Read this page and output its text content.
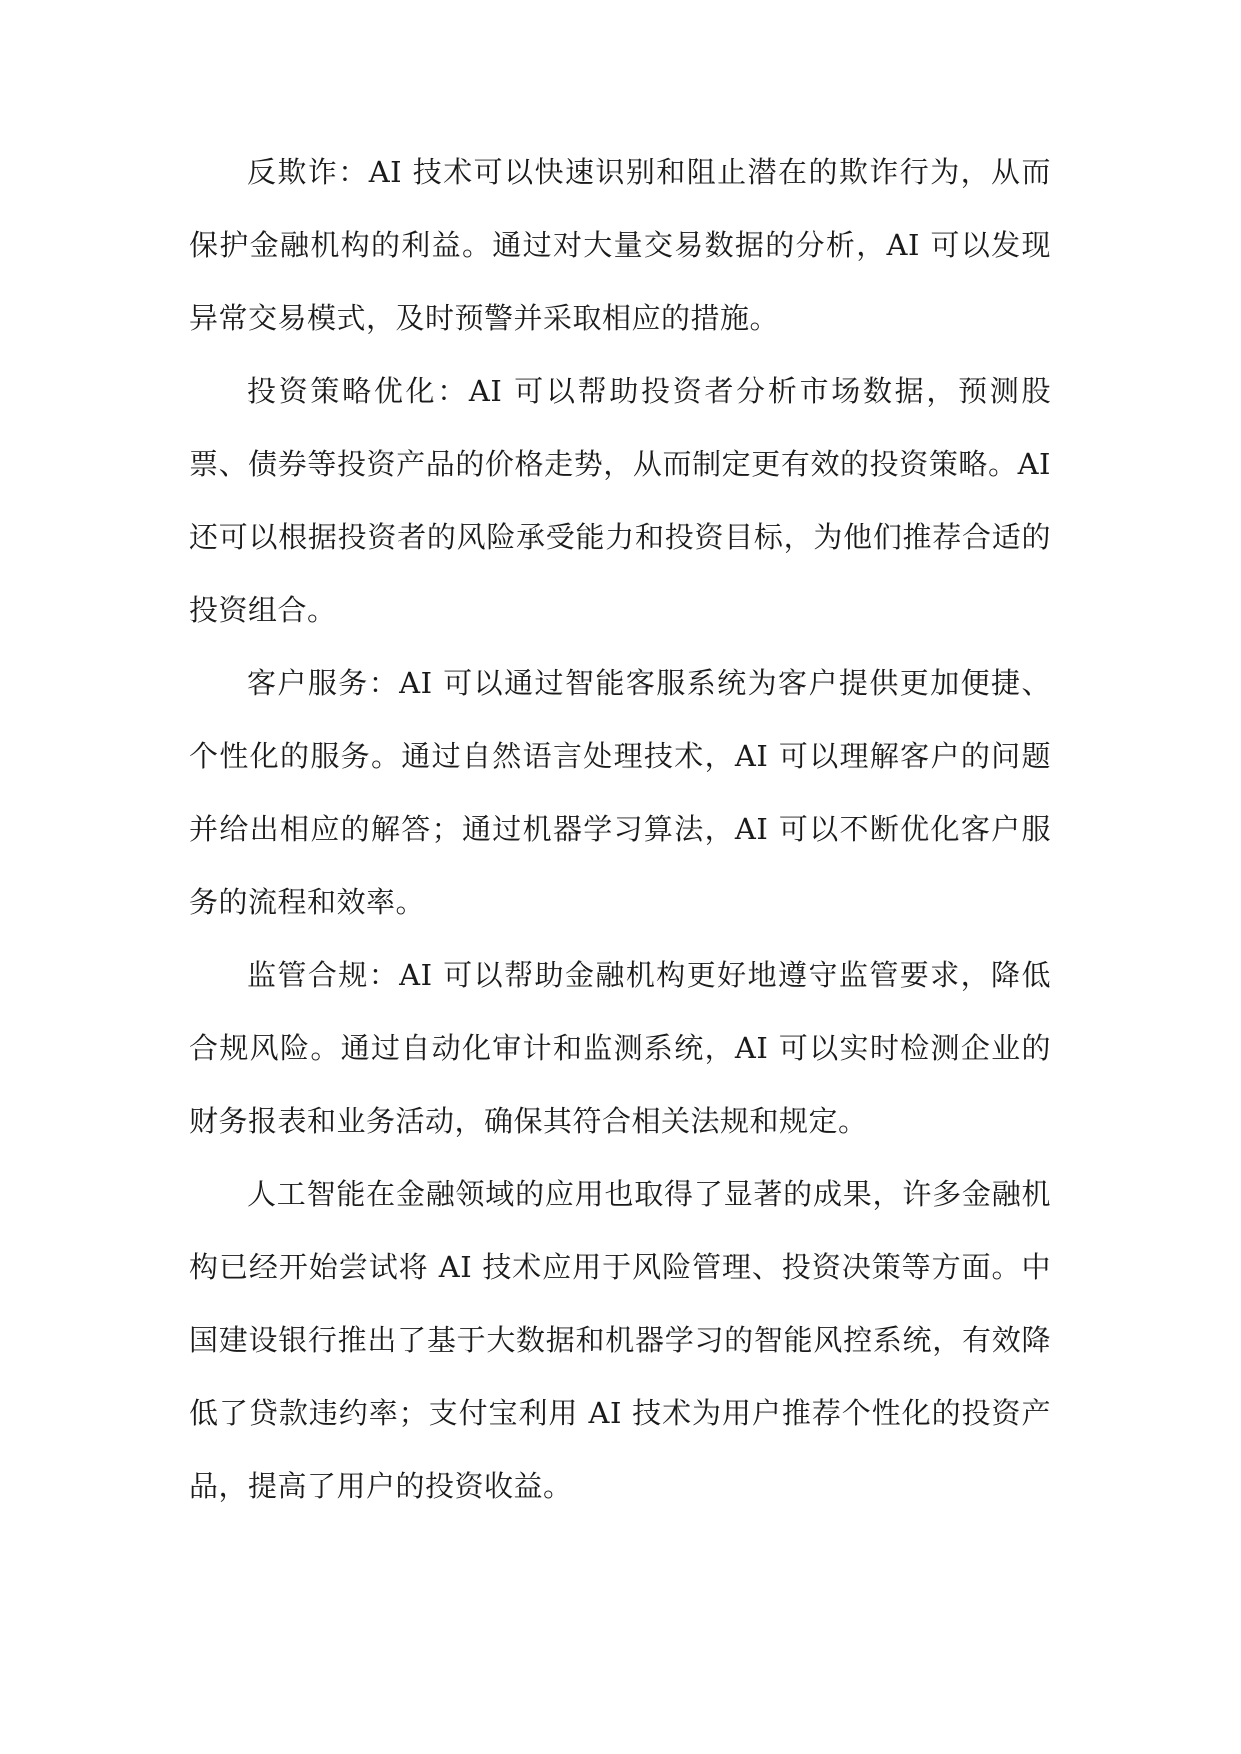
反欺诈：AI 技术可以快速识别和阻止潜在的欺诈行为，从而保护金融机构的利益。通过对大量交易数据的分析，AI 可以发现异常交易模式，及时预警并采取相应的措施。

投资策略优化：AI 可以帮助投资者分析市场数据，预测股票、债券等投资产品的价格走势，从而制定更有效的投资策略。AI 还可以根据投资者的风险承受能力和投资目标，为他们推荐合适的投资组合。

客户服务：AI 可以通过智能客服系统为客户提供更加便捷、个性化的服务。通过自然语言处理技术，AI 可以理解客户的问题并给出相应的解答；通过机器学习算法，AI 可以不断优化客户服务的流程和效率。

监管合规：AI 可以帮助金融机构更好地遵守监管要求，降低合规风险。通过自动化审计和监测系统，AI 可以实时检测企业的财务报表和业务活动，确保其符合相关法规和规定。

人工智能在金融领域的应用也取得了显著的成果，许多金融机构已经开始尝试将 AI 技术应用于风险管理、投资决策等方面。中国建设银行推出了基于大数据和机器学习的智能风控系统，有效降低了贷款违约率；支付宝利用 AI 技术为用户推荐个性化的投资产品，提高了用户的投资收益。
